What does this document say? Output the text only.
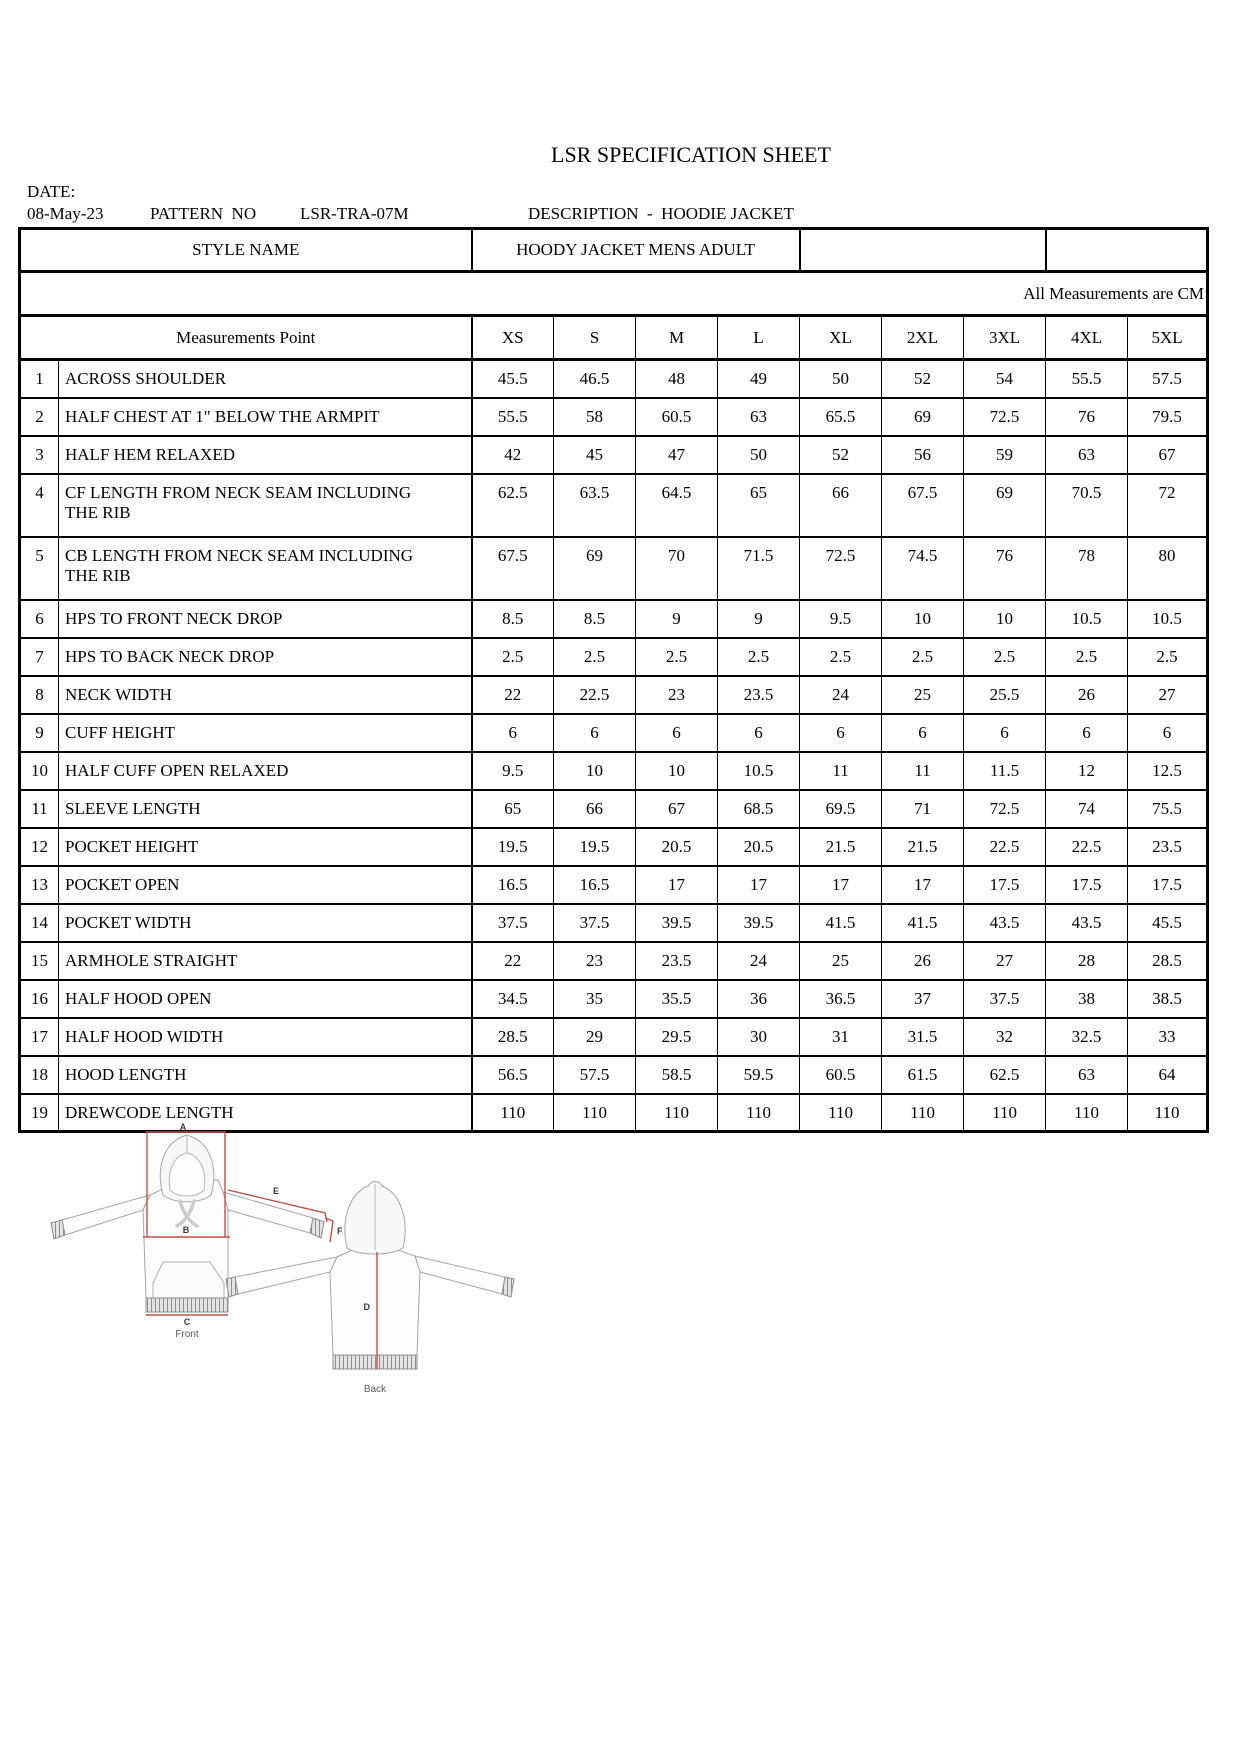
LSR SPECIFICATION SHEET
DATE:
08-May-23	PATTERN  NO	LSR-TRA-07M	DESCRIPTION  -  HOODIE JACKET
STYLE NAME		HOODY JACKET MENS ADULT								
All Measurements are CM										
Measurements Point		XS	S	M	L	XL	2XL	3XL	4XL	5XL
1	ACROSS SHOULDER	45.5	46.5	48	49	50	52	54	55.5	57.5
2	HALF CHEST AT 1" BELOW THE ARMPIT	55.5	58	60.5	63	65.5	69	72.5	76	79.5
3	HALF HEM RELAXED	42	45	47	50	52	56	59	63	67
4	CF LENGTH FROM NECK SEAM INCLUDING THE RIB	62.5	63.5	64.5	65	66	67.5	69	70.5	72
5	CB LENGTH FROM NECK SEAM INCLUDING THE RIB	67.5	69	70	71.5	72.5	74.5	76	78	80
6	HPS TO FRONT NECK DROP	8.5	8.5	9	9	9.5	10	10	10.5	10.5
7	HPS TO BACK NECK DROP	2.5	2.5	2.5	2.5	2.5	2.5	2.5	2.5	2.5
8	NECK WIDTH	22	22.5	23	23.5	24	25	25.5	26	27
9	CUFF HEIGHT	6	6	6	6	6	6	6	6	6
10	HALF CUFF OPEN RELAXED	9.5	10	10	10.5	11	11	11.5	12	12.5
11	SLEEVE LENGTH	65	66	67	68.5	69.5	71	72.5	74	75.5
12	POCKET HEIGHT	19.5	19.5	20.5	20.5	21.5	21.5	22.5	22.5	23.5
13	POCKET OPEN	16.5	16.5	17	17	17	17	17.5	17.5	17.5
14	POCKET WIDTH	37.5	37.5	39.5	39.5	41.5	41.5	43.5	43.5	45.5
15	ARMHOLE STRAIGHT	22	23	23.5	24	25	26	27	28	28.5
16	HALF HOOD OPEN	34.5	35	35.5	36	36.5	37	37.5	38	38.5
17	HALF HOOD WIDTH	28.5	29	29.5	30	31	31.5	32	32.5	33
18	HOOD LENGTH	56.5	57.5	58.5	59.5	60.5	61.5	62.5	63	64
19	DREWCODE LENGTH	110	110	110	110	110	110	110	110	110
A
B
C
E
F
Front
D
Back
